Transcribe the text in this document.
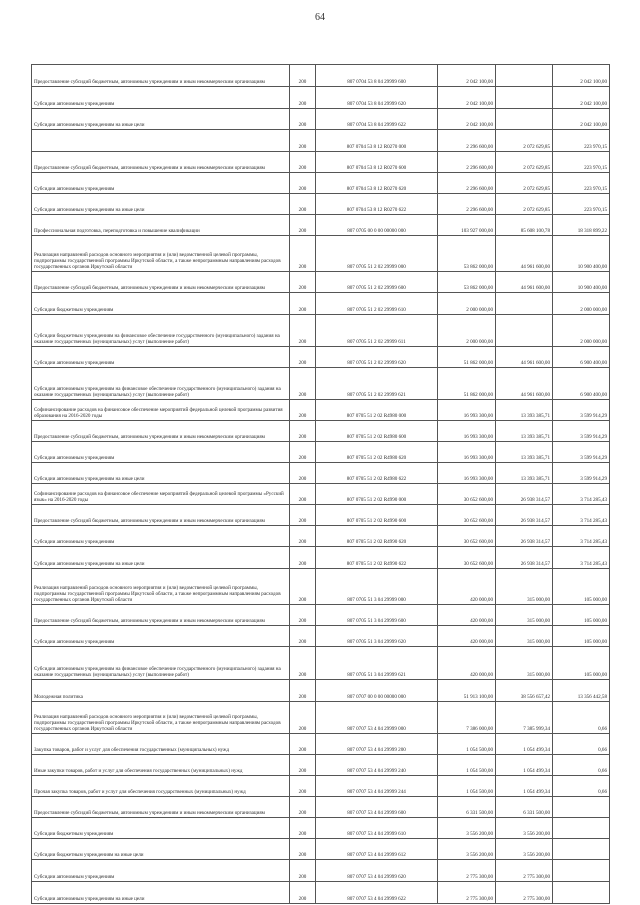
64
Предоставление субсидий бюджетным, автономным учреждениям и иным некоммерческим организациям	200	807 0704 53 8 04 29999 600	2 042 100,00		2 042 100,00
Субсидии автономным учреждениям	200	807 0704 53 8 04 29999 620	2 042 100,00		2 042 100,00
Субсидии автономным учреждениям на иные цели	200	807 0704 53 8 04 29999 622	2 042 100,00		2 042 100,00
	200	807 0704 53 8 12 R0270 000	2 296 600,00	2 072 629,85	223 970,15
Предоставление субсидий бюджетным, автономным учреждениям и иным некоммерческим организациям	200	807 0704 53 8 12 R0270 600	2 296 600,00	2 072 629,85	223 970,15
Субсидии автономным учреждениям	200	807 0704 53 8 12 R0270 620	2 296 600,00	2 072 629,85	223 970,15
Субсидии автономным учреждениям на иные цели	200	807 0704 53 8 12 R0270 622	2 296 600,00	2 072 629,85	223 970,15
Профессиональная подготовка, переподготовка и повышение квалификации	200	807 0705 00 0 00 00000 000	103 927 000,00	85 608 100,78	18 318 899,22
Реализация направлений расходов основного мероприятия и (или) ведомственной целевой программы, подпрограммы государственной программы Иркутской области, а также непрограммным направлениям расходов государственных органов Иркутской области	200	807 0705 51 2 02 29999 000	53 862 000,00	44 961 600,00	10 900 400,00
Предоставление субсидий бюджетным, автономным учреждениям и иным некоммерческим организациям	200	807 0705 51 2 02 29999 600	53 862 000,00	44 961 600,00	10 900 400,00
Субсидии бюджетным учреждениям	200	807 0705 51 2 02 29999 610	2 000 000,00		2 000 000,00
Субсидии бюджетным учреждениям на финансовое обеспечение государственного (муниципального) задания на оказание государственных (муниципальных) услуг (выполнение работ)	200	807 0705 51 2 02 29999 611	2 000 000,00		2 000 000,00
Субсидии автономным учреждениям	200	807 0705 51 2 02 29999 620	51 862 000,00	44 961 600,00	6 900 400,00
Субсидии автономным учреждениям на финансовое обеспечение государственного (муниципального) задания на оказание государственных (муниципальных) услуг (выполнение работ)	200	807 0705 51 2 02 29999 621	51 862 000,00	44 961 600,00	6 900 400,00
Софинансирование расходов на финансовое обеспечение мероприятий федеральной целевой программы развития образования на 2016-2020 годы	200	807 0705 51 2 02 R4980 000	16 993 300,00	13 393 385,71	3 599 914,29
Предоставление субсидий бюджетным, автономным учреждениям и иным некоммерческим организациям	200	807 0705 51 2 02 R4980 600	16 993 300,00	13 393 385,71	3 599 914,29
Субсидии автономным учреждениям	200	807 0705 51 2 02 R4980 620	16 993 300,00	13 393 385,71	3 599 914,29
Субсидии автономным учреждениям на иные цели	200	807 0705 51 2 02 R4980 622	16 993 300,00	13 393 385,71	3 599 914,29
Софинансирование расходов на финансовое обеспечение мероприятий федеральной целевой программы «Русский язык» на 2016-2020 годы	200	807 0705 51 2 02 R4990 000	30 652 600,00	26 938 314,57	3 714 285,43
Предоставление субсидий бюджетным, автономным учреждениям и иным некоммерческим организациям	200	807 0705 51 2 02 R4990 600	30 652 600,00	26 938 314,57	3 714 285,43
Субсидии автономным учреждениям	200	807 0705 51 2 02 R4990 620	30 652 600,00	26 938 314,57	3 714 285,43
Субсидии автономным учреждениям на иные цели	200	807 0705 51 2 02 R4990 622	30 652 600,00	26 938 314,57	3 714 285,43
Реализация направлений расходов основного мероприятия и (или) ведомственной целевой программы, подпрограммы государственной программы Иркутской области, а также непрограммным направлениям расходов государственных органов Иркутской области	200	807 0705 51 3 04 29999 000	420 000,00	315 000,00	105 000,00
Предоставление субсидий бюджетным, автономным учреждениям и иным некоммерческим организациям	200	807 0705 51 3 04 29999 600	420 000,00	315 000,00	105 000,00
Субсидии автономным учреждениям	200	807 0705 51 3 04 29999 620	420 000,00	315 000,00	105 000,00
Субсидии автономным учреждениям на финансовое обеспечение государственного (муниципального) задания на оказание государственных (муниципальных) услуг (выполнение работ)	200	807 0705 51 3 04 29999 621	420 000,00	315 000,00	105 000,00
Молодежная политика	200	807 0707 00 0 00 00000 000	51 913 100,00	38 556 657,42	13 356 442,58
Реализация направлений расходов основного мероприятия и (или) ведомственной целевой программы, подпрограммы государственной программы Иркутской области, а также непрограммным направлениям расходов государственных органов Иркутской области	200	807 0707 53 4 04 29999 000	7 386 000,00	7 385 999,34	0,66
Закупка товаров, работ и услуг для обеспечения государственных (муниципальных) нужд	200	807 0707 53 4 04 29999 200	1 054 500,00	1 054 499,34	0,66
Иные закупки товаров, работ и услуг для обеспечения государственных (муниципальных) нужд	200	807 0707 53 4 04 29999 240	1 054 500,00	1 054 499,34	0,66
Прочая закупка товаров, работ и услуг для обеспечения государственных (муниципальных) нужд	200	807 0707 53 4 04 29999 244	1 054 500,00	1 054 499,34	0,66
Предоставление субсидий бюджетным, автономным учреждениям и иным некоммерческим организациям	200	807 0707 53 4 04 29999 600	6 331 500,00	6 331 500,00	
Субсидии бюджетным учреждениям	200	807 0707 53 4 04 29999 610	3 556 200,00	3 556 200,00	
Субсидии бюджетным учреждениям на иные цели	200	807 0707 53 4 04 29999 612	3 556 200,00	3 556 200,00	
Субсидии автономным учреждениям	200	807 0707 53 4 04 29999 620	2 775 300,00	2 775 300,00	
Субсидии автономным учреждениям на иные цели	200	807 0707 53 4 04 29999 622	2 775 300,00	2 775 300,00	
